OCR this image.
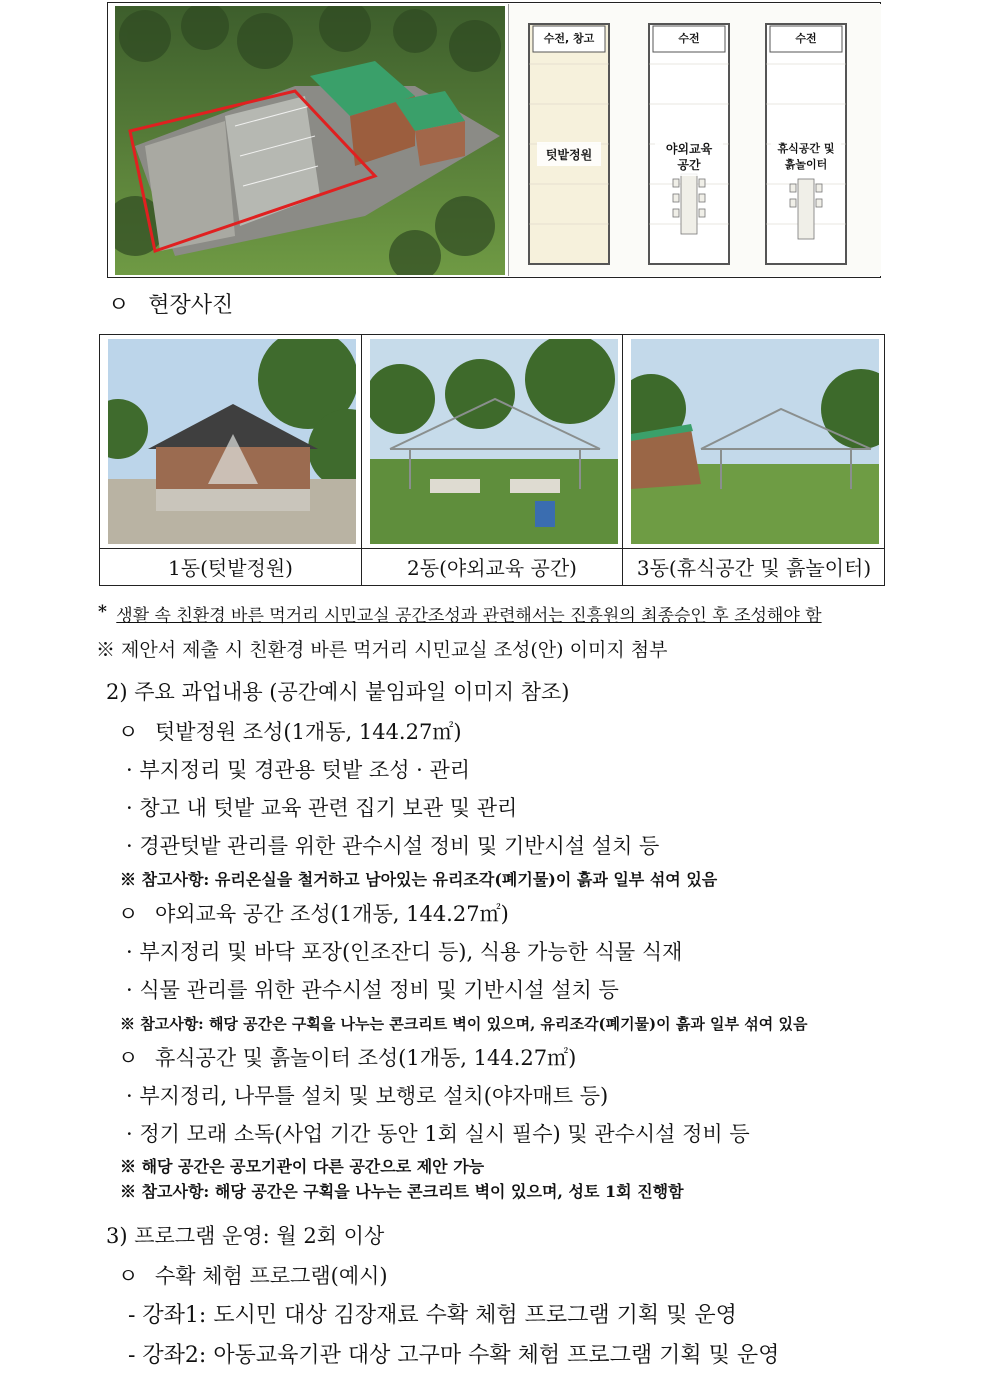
수전, 창고
텃밭정원
수전
야외교육
공간
수전
휴식공간 및
흙놀이터
ㅇ 현장사진
1동(텃밭정원)	2동(야외교육 공간)	3동(휴식공간 및 흙놀이터)
* 생활 속 친환경 바른 먹거리 시민교실 공간조성과 관련해서는 진흥원의 최종승인 후 조성해야 함
※ 제안서 제출 시 친환경 바른 먹거리 시민교실 조성(안) 이미지 첨부
2) 주요 과업내용 (공간예시 붙임파일 이미지 참조)
ㅇ 텃밭정원 조성(1개동, 144.27㎡)
· 부지정리 및 경관용 텃밭 조성 · 관리
· 창고 내 텃밭 교육 관련 집기 보관 및 관리
· 경관텃밭 관리를 위한 관수시설 정비 및 기반시설 설치 등
※ 참고사항: 유리온실을 철거하고 남아있는 유리조각(폐기물)이 흙과 일부 섞여 있음
ㅇ 야외교육 공간 조성(1개동, 144.27㎡)
· 부지정리 및 바닥 포장(인조잔디 등), 식용 가능한 식물 식재
· 식물 관리를 위한 관수시설 정비 및 기반시설 설치 등
※ 참고사항: 해당 공간은 구획을 나누는 콘크리트 벽이 있으며, 유리조각(폐기물)이 흙과 일부 섞여 있음
ㅇ 휴식공간 및 흙놀이터 조성(1개동, 144.27㎡)
· 부지정리, 나무틀 설치 및 보행로 설치(야자매트 등)
· 정기 모래 소독(사업 기간 동안 1회 실시 필수) 및 관수시설 정비 등
※ 해당 공간은 공모기관이 다른 공간으로 제안 가능
※ 참고사항: 해당 공간은 구획을 나누는 콘크리트 벽이 있으며, 성토 1회 진행함
3) 프로그램 운영: 월 2회 이상
ㅇ 수확 체험 프로그램(예시)
- 강좌1: 도시민 대상 김장재료 수확 체험 프로그램 기획 및 운영
- 강좌2: 아동교육기관 대상 고구마 수확 체험 프로그램 기획 및 운영
